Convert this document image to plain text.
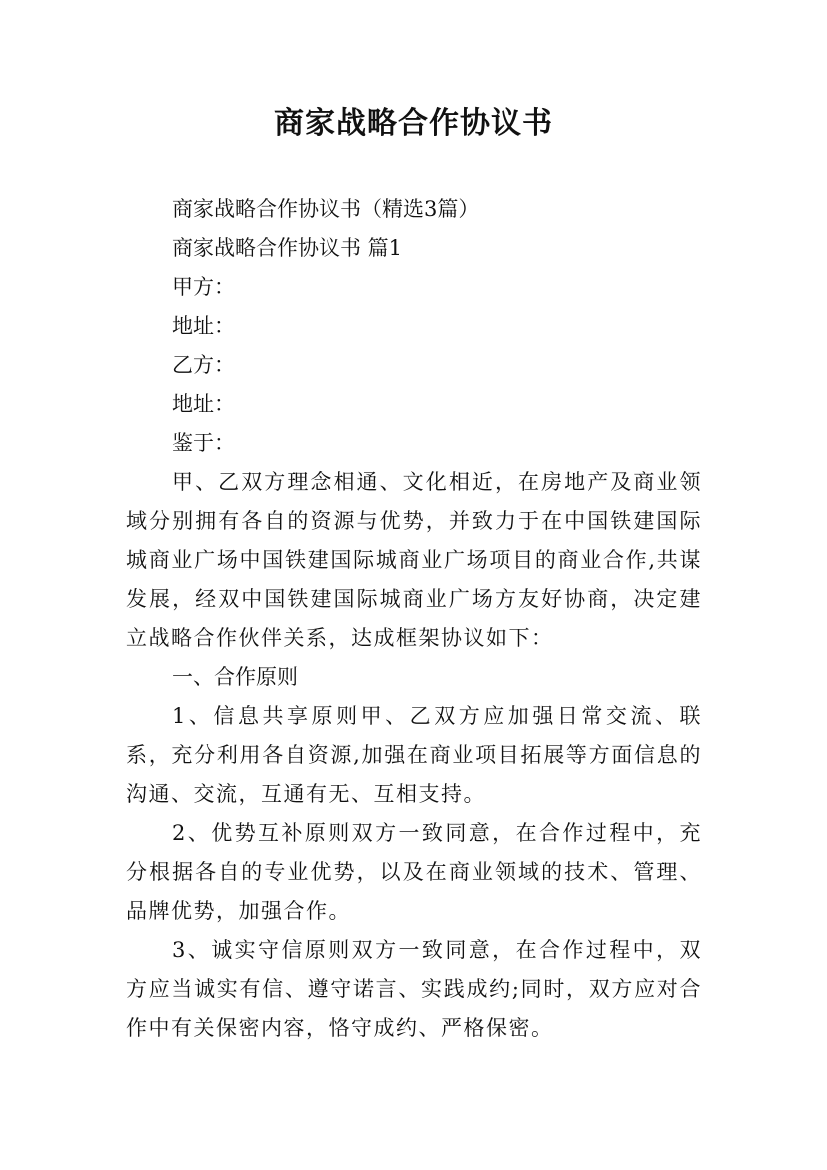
商家战略合作协议书

商家战略合作协议书（精选3篇）

商家战略合作协议书 篇1

甲方：

地址：

乙方：

地址：

鉴于：

甲、乙双方理念相通、文化相近，在房地产及商业领域分别拥有各自的资源与优势，并致力于在中国铁建国际城商业广场中国铁建国际城商业广场项目的商业合作,共谋发展，经双中国铁建国际城商业广场方友好协商，决定建立战略合作伙伴关系，达成框架协议如下：

一、合作原则

1、信息共享原则甲、乙双方应加强日常交流、联系，充分利用各自资源,加强在商业项目拓展等方面信息的沟通、交流，互通有无、互相支持。

2、优势互补原则双方一致同意，在合作过程中，充分根据各自的专业优势，以及在商业领域的技术、管理、品牌优势，加强合作。

3、诚实守信原则双方一致同意，在合作过程中，双方应当诚实有信、遵守诺言、实践成约;同时，双方应对合作中有关保密内容，恪守成约、严格保密。
